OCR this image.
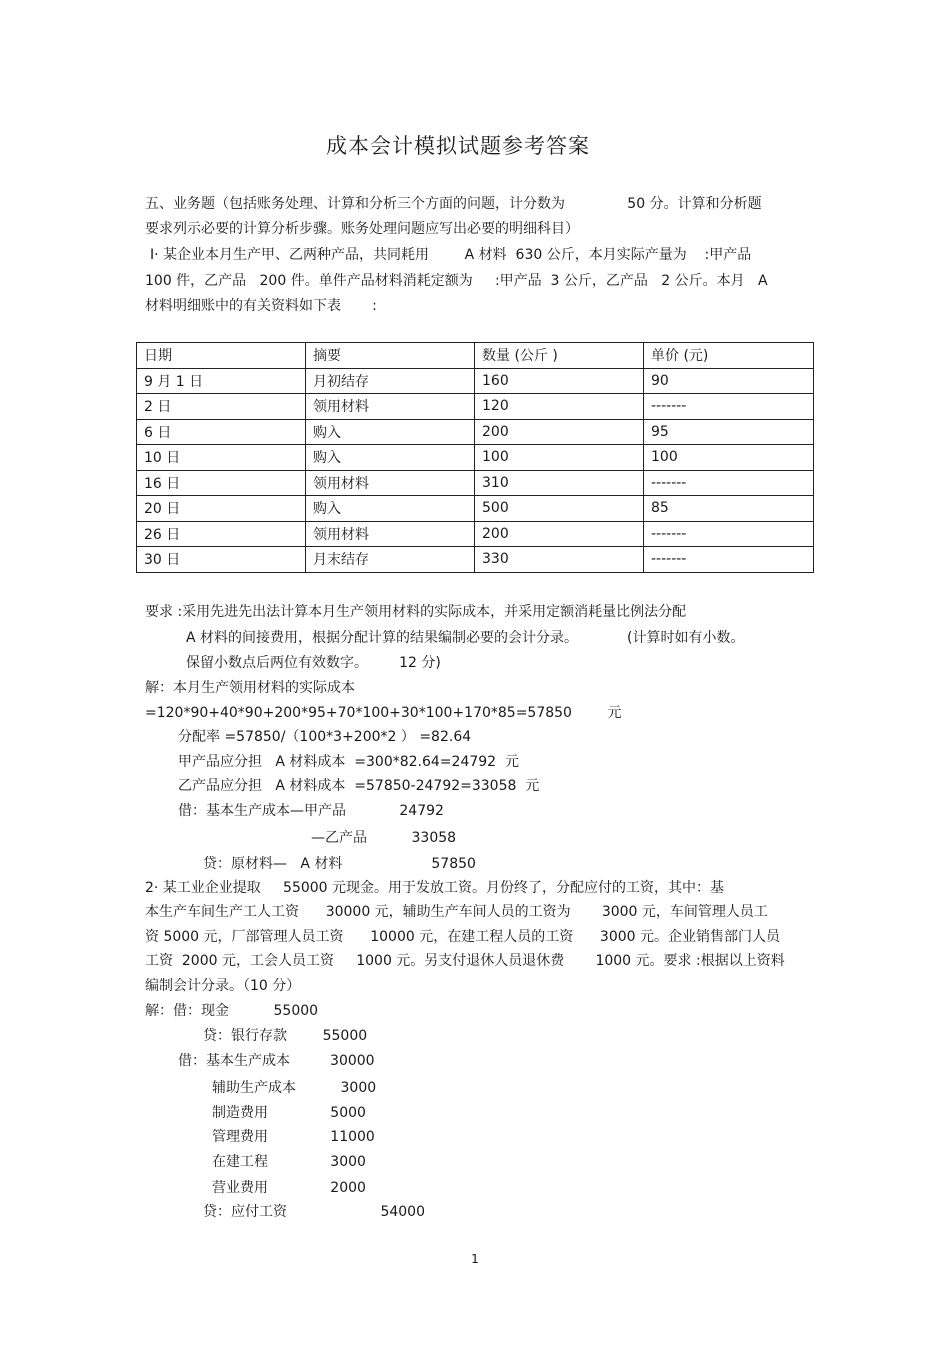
成本会计模拟试题参考答案
五、业务题（包括账务处理、计算和分析三个方面的问题，计分数为              50 分。计算和分析题
要求列示必要的计算分析步骤。账务处理问题应写出必要的明细科目）
I· 某企业本月生产甲、乙两种产品，共同耗用        A 材料  630 公斤，本月实际产量为    :甲产品
100 件，乙产品   200 件。单件产品材料消耗定额为     :甲产品  3 公斤，乙产品   2 公斤。本月   A
材料明细账中的有关资料如下表       :
日期	摘要	数量 (公斤 )	单价 (元)
9 月 1 日	月初结存	160	90
2 日	领用材料	120	-------
6 日	购入	200	95
10 日	购入	100	100
16 日	领用材料	310	-------
20 日	购入	500	85
26 日	领用材料	200	-------
30 日	月末结存	330	-------
要求 :采用先进先出法计算本月生产领用材料的实际成本，并采用定额消耗量比例法分配
A 材料的间接费用，根据分配计算的结果编制必要的会计分录。           (计算时如有小数。
保留小数点后两位有效数字。       12 分)
解：本月生产领用材料的实际成本
=120*90+40*90+200*95+70*100+30*100+170*85=57850        元
分配率 =57850/（100*3+200*2 ） =82.64
甲产品应分担   A 材料成本  =300*82.64=24792  元
乙产品应分担   A 材料成本  =57850-24792=33058  元
借：基本生产成本—甲产品            24792
—乙产品          33058
贷：原材料—   A 材料                    57850
2· 某工业企业提取     55000 元现金。用于发放工资。月份终了，分配应付的工资，其中：基
本生产车间生产工人工资      30000 元，辅助生产车间人员的工资为       3000 元，车间管理人员工
资 5000 元，厂部管理人员工资      10000 元，在建工程人员的工资      3000 元。企业销售部门人员
工资  2000 元，工会人员工资     1000 元。另支付退休人员退休费       1000 元。要求 :根据以上资料
编制会计分录。（10 分）
解：借：现金          55000
贷：银行存款        55000
借：基本生产成本         30000
辅助生产成本          3000
制造费用              5000
管理费用              11000
在建工程              3000
营业费用              2000
贷：应付工资                     54000
1
